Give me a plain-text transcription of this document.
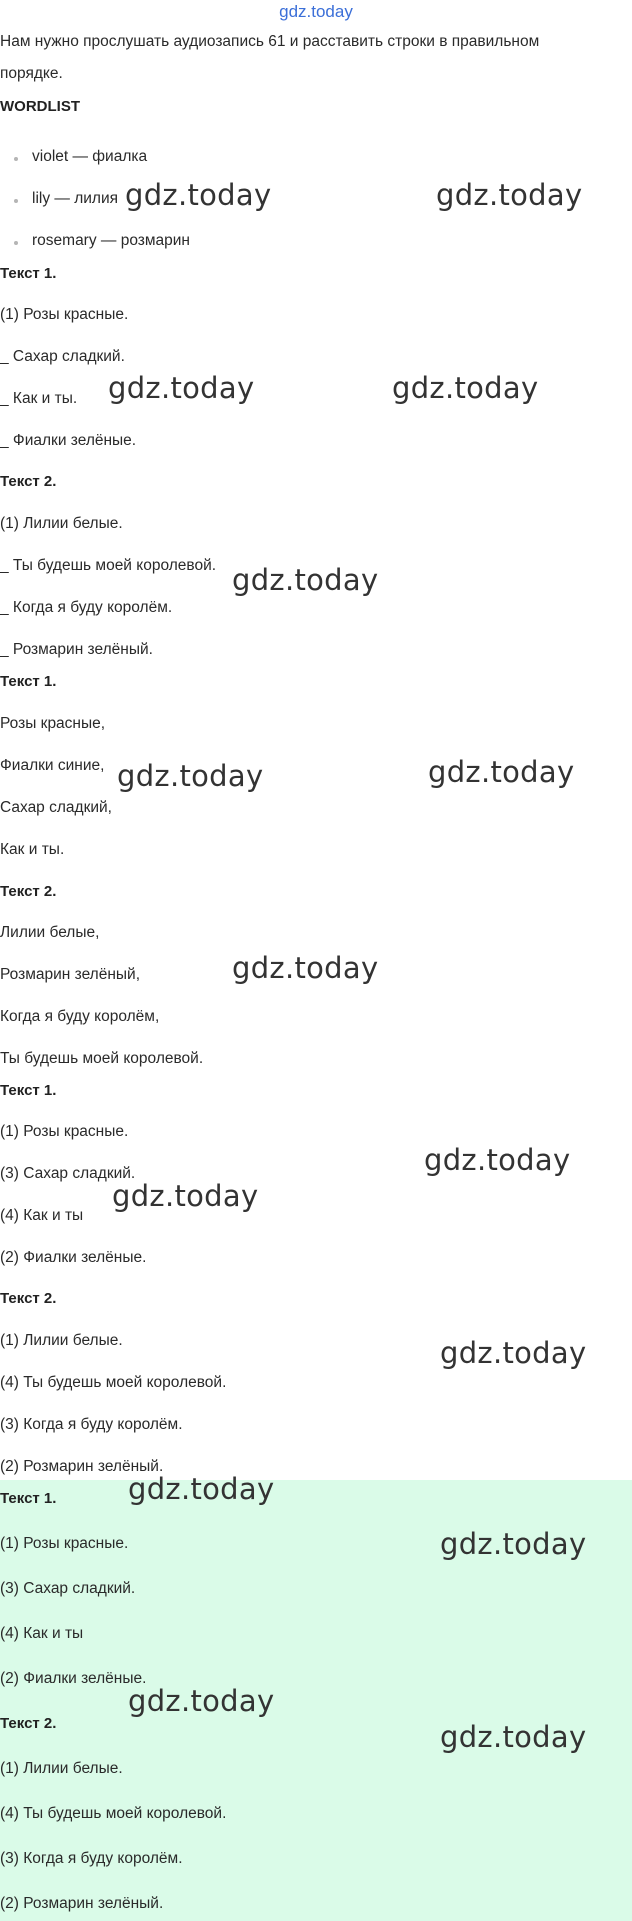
gdz.today
Нам нужно прослушать аудиозапись 61 и расставить строки в правильном
порядке.
WORDLIST
violet — фиалка
lily — лилия
rosemary — розмарин
Текст 1.
(1) Розы красные.
_ Сахар сладкий.
_ Как и ты.
_ Фиалки зелёные.
Текст 2.
(1) Лилии белые.
_ Ты будешь моей королевой.
_ Когда я буду королём.
_ Розмарин зелёный.
Текст 1.
Розы красные,
Фиалки синие,
Сахар сладкий,
Как и ты.
Текст 2.
Лилии белые,
Розмарин зелёный,
Когда я буду королём,
Ты будешь моей королевой.
Текст 1.
(1) Розы красные.
(3) Сахар сладкий.
(4) Как и ты
(2) Фиалки зелёные.
Текст 2.
(1) Лилии белые.
(4) Ты будешь моей королевой.
(3) Когда я буду королём.
(2) Розмарин зелёный.
Текст 1.
(1) Розы красные.
(3) Сахар сладкий.
(4) Как и ты
(2) Фиалки зелёные.
Текст 2.
(1) Лилии белые.
(4) Ты будешь моей королевой.
(3) Когда я буду королём.
(2) Розмарин зелёный.
gdz.today	gdz.today
gdz.today	gdz.today
gdz.today
gdz.today	gdz.today
gdz.today
gdz.today
gdz.today
gdz.today
gdz.today
gdz.today
gdz.today
gdz.today
